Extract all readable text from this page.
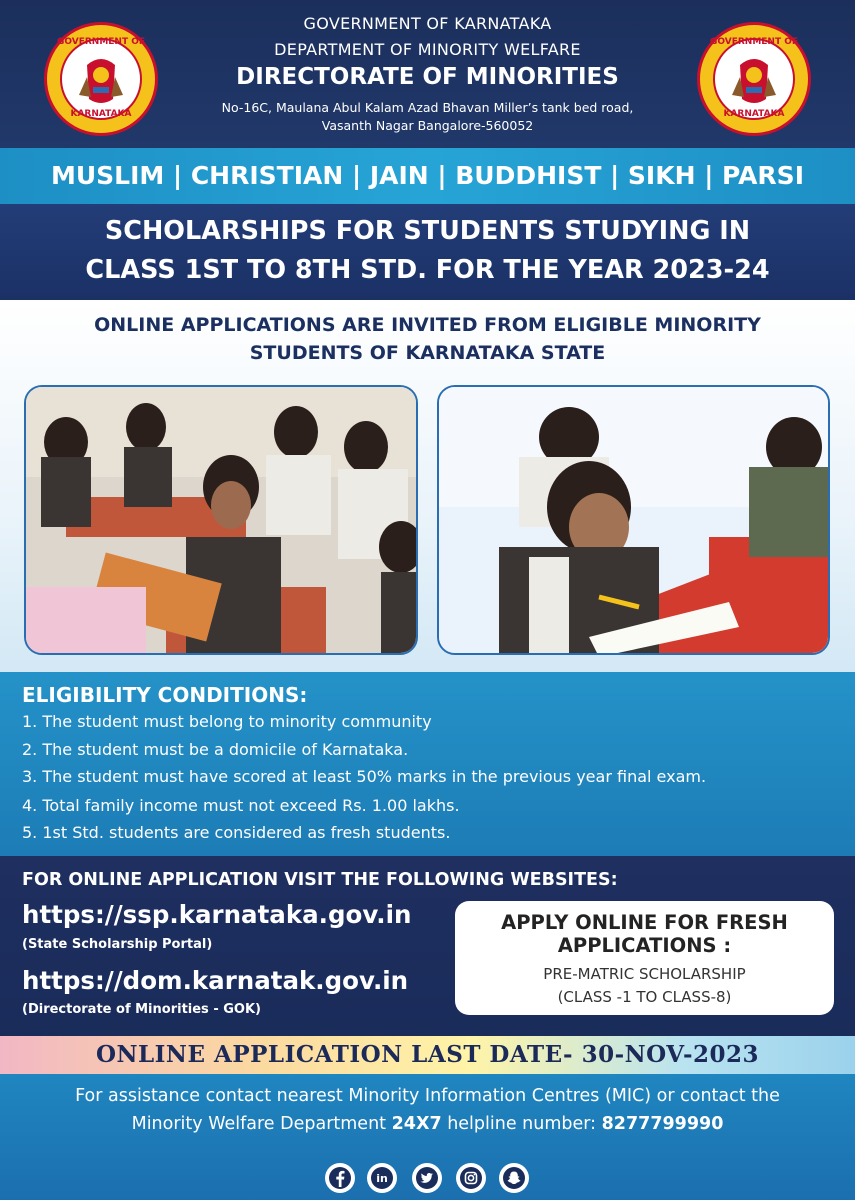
GOVERNMENT OF
KARNATAKA
GOVERNMENT OF
KARNATAKA
GOVERNMENT OF KARNATAKA
DEPARTMENT OF MINORITY WELFARE
DIRECTORATE OF MINORITIES
No-16C, Maulana Abul Kalam Azad Bhavan Miller’s tank bed road,
Vasanth Nagar Bangalore-560052
MUSLIM | CHRISTIAN | JAIN | BUDDHIST | SIKH | PARSI
SCHOLARSHIPS FOR STUDENTS STUDYING IN
CLASS 1ST TO 8TH STD. FOR THE YEAR 2023-24
ONLINE APPLICATIONS ARE INVITED FROM ELIGIBLE MINORITY
STUDENTS OF KARNATAKA STATE
ELIGIBILITY CONDITIONS:
1. The student must belong to minority community
2. The student must be a domicile of Karnataka.
3. The student must have scored at least 50% marks in the previous year final exam.
4. Total family income must not exceed Rs. 1.00 lakhs.
5. 1st Std. students are considered as fresh students.
FOR ONLINE APPLICATION VISIT THE FOLLOWING WEBSITES:
https://ssp.karnataka.gov.in
(State Scholarship Portal)
https://dom.karnatak.gov.in
(Directorate of Minorities - GOK)
APPLY ONLINE FOR FRESH
APPLICATIONS :
PRE-MATRIC SCHOLARSHIP
(CLASS -1 TO CLASS-8)
ONLINE APPLICATION LAST DATE- 30-NOV-2023
For assistance contact nearest Minority Information Centres (MIC) or contact the
Minority Welfare Department 24X7 helpline number: 8277799990
in
